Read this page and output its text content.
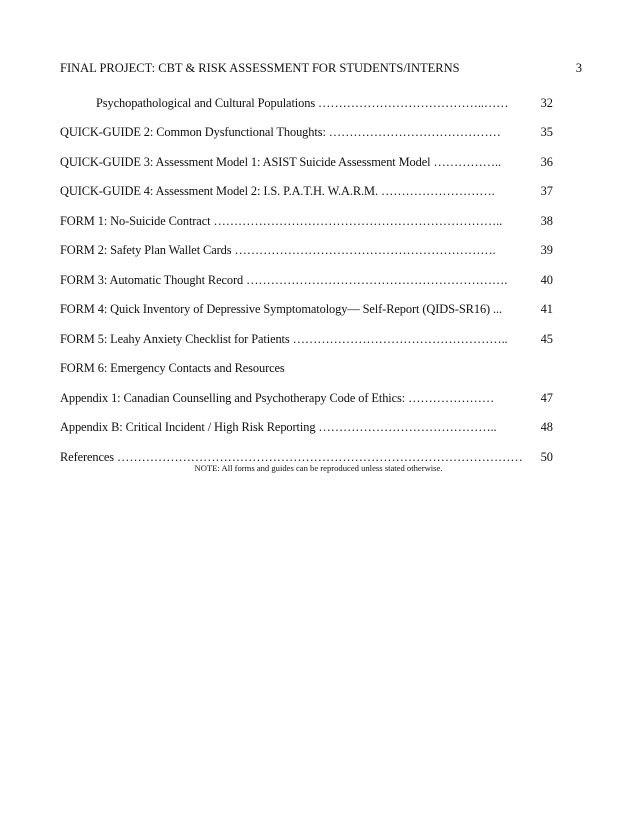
FINAL PROJECT: CBT & RISK ASSESSMENT FOR STUDENTS/INTERNS	3
Psychopathological and Cultural Populations …………………………………..……	32
QUICK-GUIDE 2: Common Dysfunctional Thoughts: ……………………………………	35
QUICK-GUIDE 3: Assessment Model 1: ASIST Suicide Assessment Model ……………..	36
QUICK-GUIDE 4: Assessment Model 2: I.S. P.A.T.H. W.A.R.M. ……………………….	37
FORM 1: No-Suicide Contract ……………………………………………………………..	38
FORM 2: Safety Plan Wallet Cards ……………………………………………………….	39
FORM 3: Automatic Thought Record ……………………………………………………….	40
FORM 4: Quick Inventory of Depressive Symptomatology— Self-Report (QIDS-SR16) ...	41
FORM 5: Leahy Anxiety Checklist for Patients ……………………………………………..	45
FORM 6: Emergency Contacts and Resources
Appendix 1: Canadian Counselling and Psychotherapy Code of Ethics: …………………	47
Appendix B: Critical Incident / High Risk Reporting ……………………………………..	48
References ………………………………………………………………………………………	50
NOTE: All forms and guides can be reproduced unless stated otherwise.
